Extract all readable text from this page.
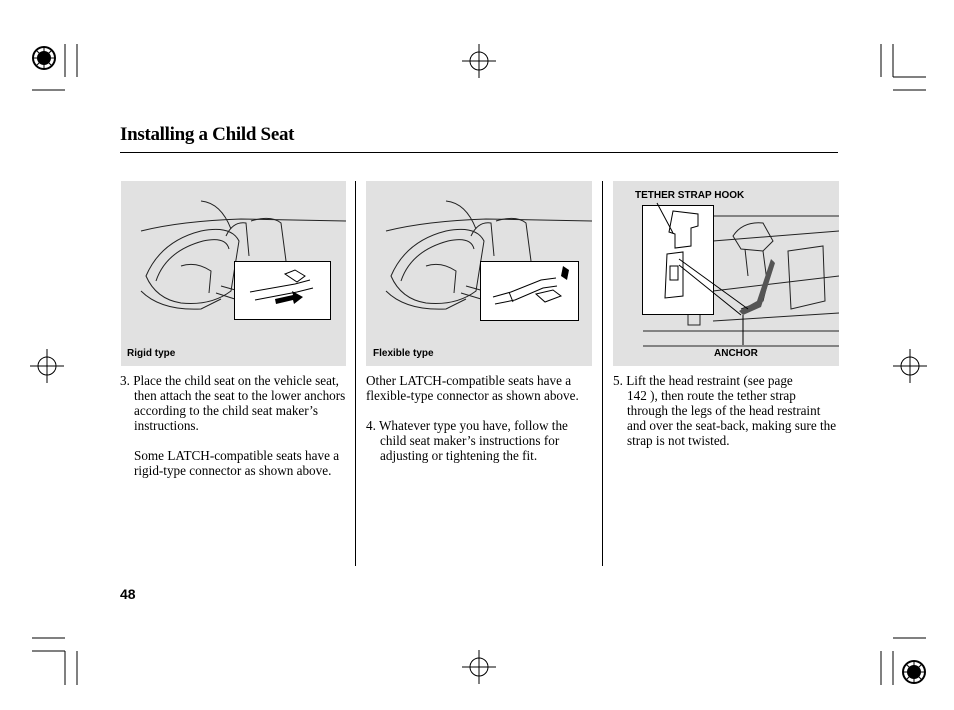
Installing a Child Seat
Rigid type	Flexible type
TETHER STRAP HOOK
ANCHOR

3. Place the child seat on the vehicle seat, then attach the seat to the lower anchors according to the child seat maker’s instructions.

Some LATCH-compatible seats have a rigid-type connector as shown above.

Other LATCH-compatible seats have a flexible-type connector as shown above.

4. Whatever type you have, follow the child seat maker’s instructions for adjusting or tightening the fit.

5. Lift the head restraint (see page
142 ), then route the tether strap through the legs of the head restraint and over the seat-back, making sure the strap is not twisted.

48
